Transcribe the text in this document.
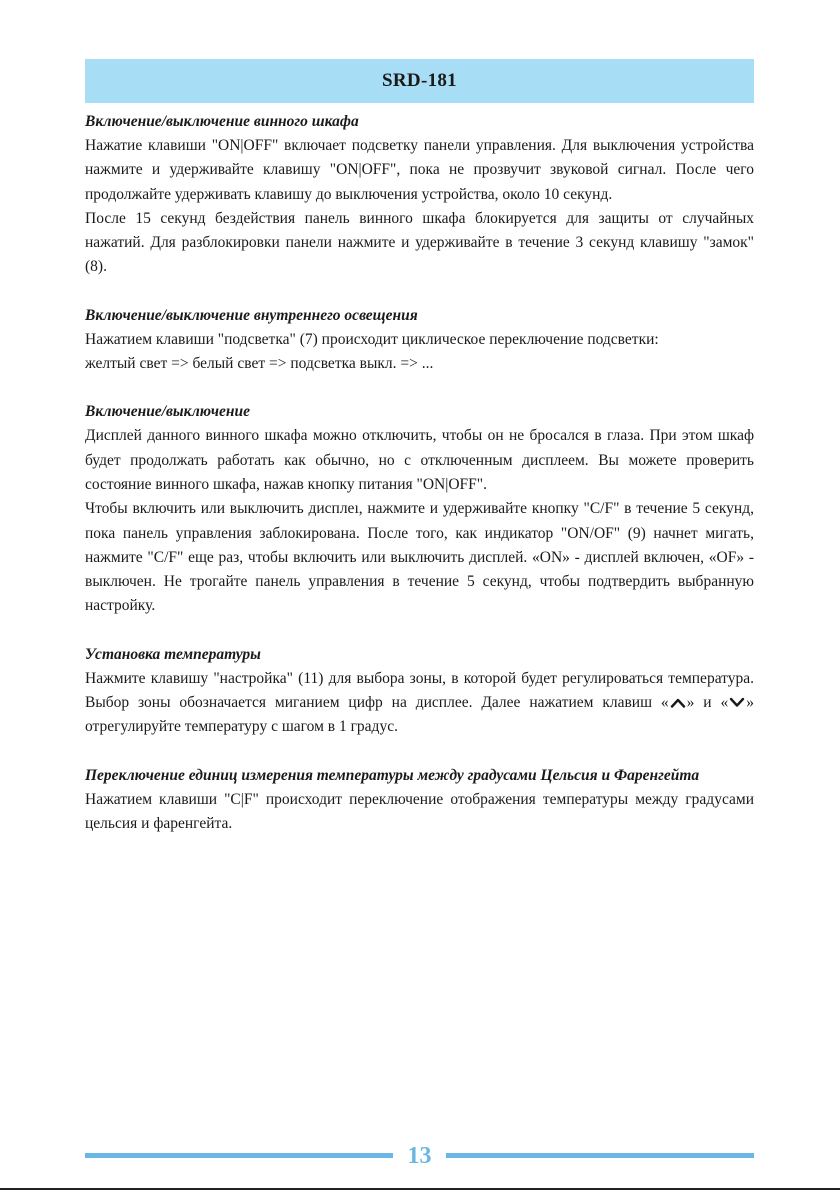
SRD-181

Включение/выключение винного шкафа

Нажатие клавиши "ON|OFF" включает подсветку панели управления. Для выключения устройства нажмите и удерживайте клавишу "ON|OFF", пока не прозвучит звуковой сигнал. После чего продолжайте удерживать клавишу до выключения устройства, около 10 секунд.

После 15 секунд бездействия панель винного шкафа блокируется для защиты от случайных нажатий. Для разблокировки панели нажмите и удерживайте в течение 3 секунд клавишу "замок" (8).

Включение/выключение внутреннего освещения

Нажатием клавиши "подсветка" (7) происходит циклическое переключение подсветки:

желтый свет => белый свет => подсветка выкл. => ...

Включение/выключение

Дисплей данного винного шкафа можно отключить, чтобы он не бросался в глаза. При этом шкаф будет продолжать работать как обычно, но с отключенным дисплеем. Вы можете проверить состояние винного шкафа, нажав кнопку питания "ON|OFF".

Чтобы включить или выключить дисплеı, нажмите и удерживайте кнопку "C/F" в течение 5 секунд, пока панель управления заблокирована. После того, как индикатор "ON/OF" (9) начнет мигать, нажмите "C/F" еще раз, чтобы включить или выключить дисплей. «ON» - дисплей включен, «OF» - выключен. Не трогайте панель управления в течение 5 секунд, чтобы подтвердить выбранную настройку.

Установка температуры

Нажмите клавишу "настройка" (11) для выбора зоны, в которой будет регулироваться температура. Выбор зоны обозначается миганием цифр на дисплее. Далее нажатием клавиш « » и « » отрегулируйте температуру с шагом в 1 градус.

Переключение единиц измерения температуры между градусами Цельсия и Фаренгейта

Нажатием клавиши "C|F" происходит переключение отображения температуры между градусами цельсия и фаренгейта.

13
